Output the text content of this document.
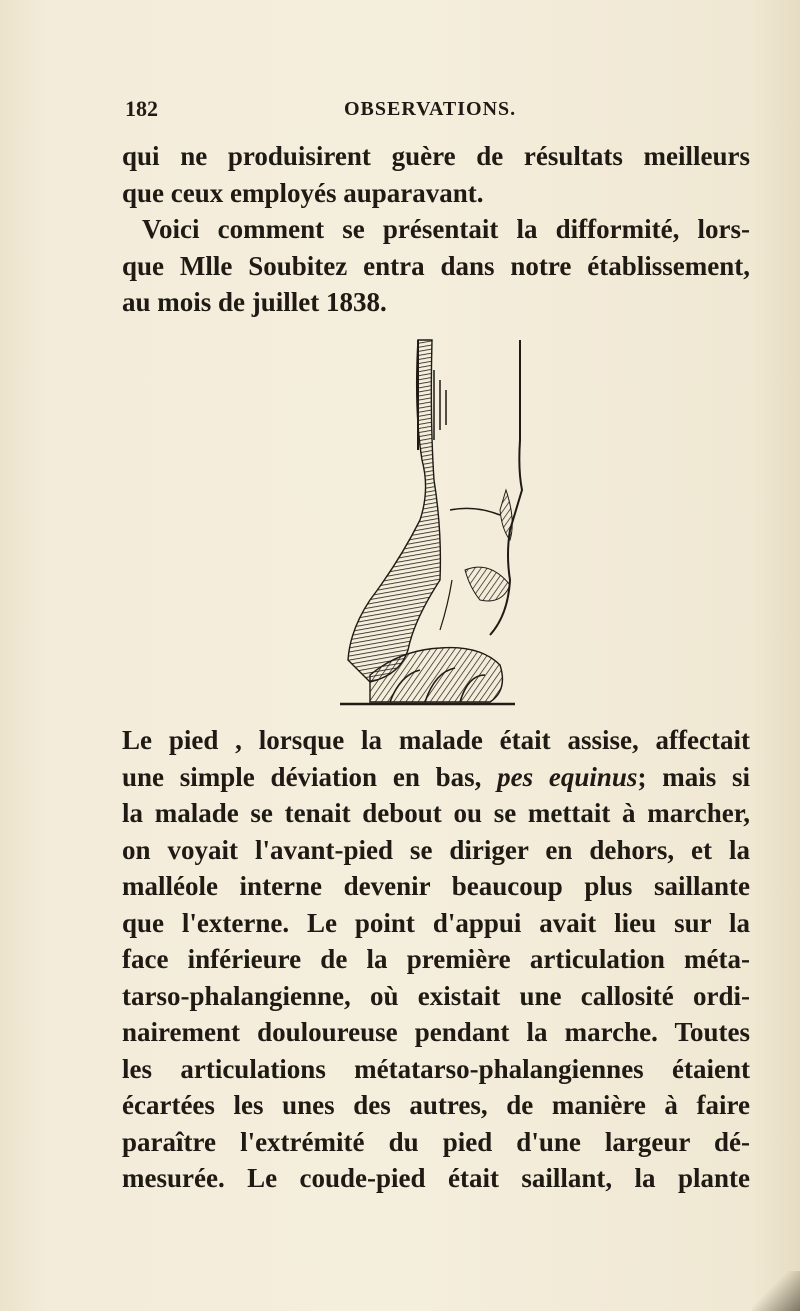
182	OBSERVATIONS.
qui ne produisirent guère de résultats meilleurs
que ceux employés auparavant.
Voici comment se présentait la difformité, lors-
que Mlle Soubitez entra dans notre établissement,
au mois de juillet 1838.
Le pied , lorsque la malade était assise, affectait
une simple déviation en bas, pes equinus; mais si
la malade se tenait debout ou se mettait à marcher,
on voyait l'avant-pied se diriger en dehors, et la
malléole interne devenir beaucoup plus saillante
que l'externe. Le point d'appui avait lieu sur la
face inférieure de la première articulation méta-
tarso-phalangienne, où existait une callosité ordi-
nairement douloureuse pendant la marche. Toutes
les articulations métatarso-phalangiennes étaient
écartées les unes des autres, de manière à faire
paraître l'extrémité du pied d'une largeur dé-
mesurée. Le coude-pied était saillant, la plante
